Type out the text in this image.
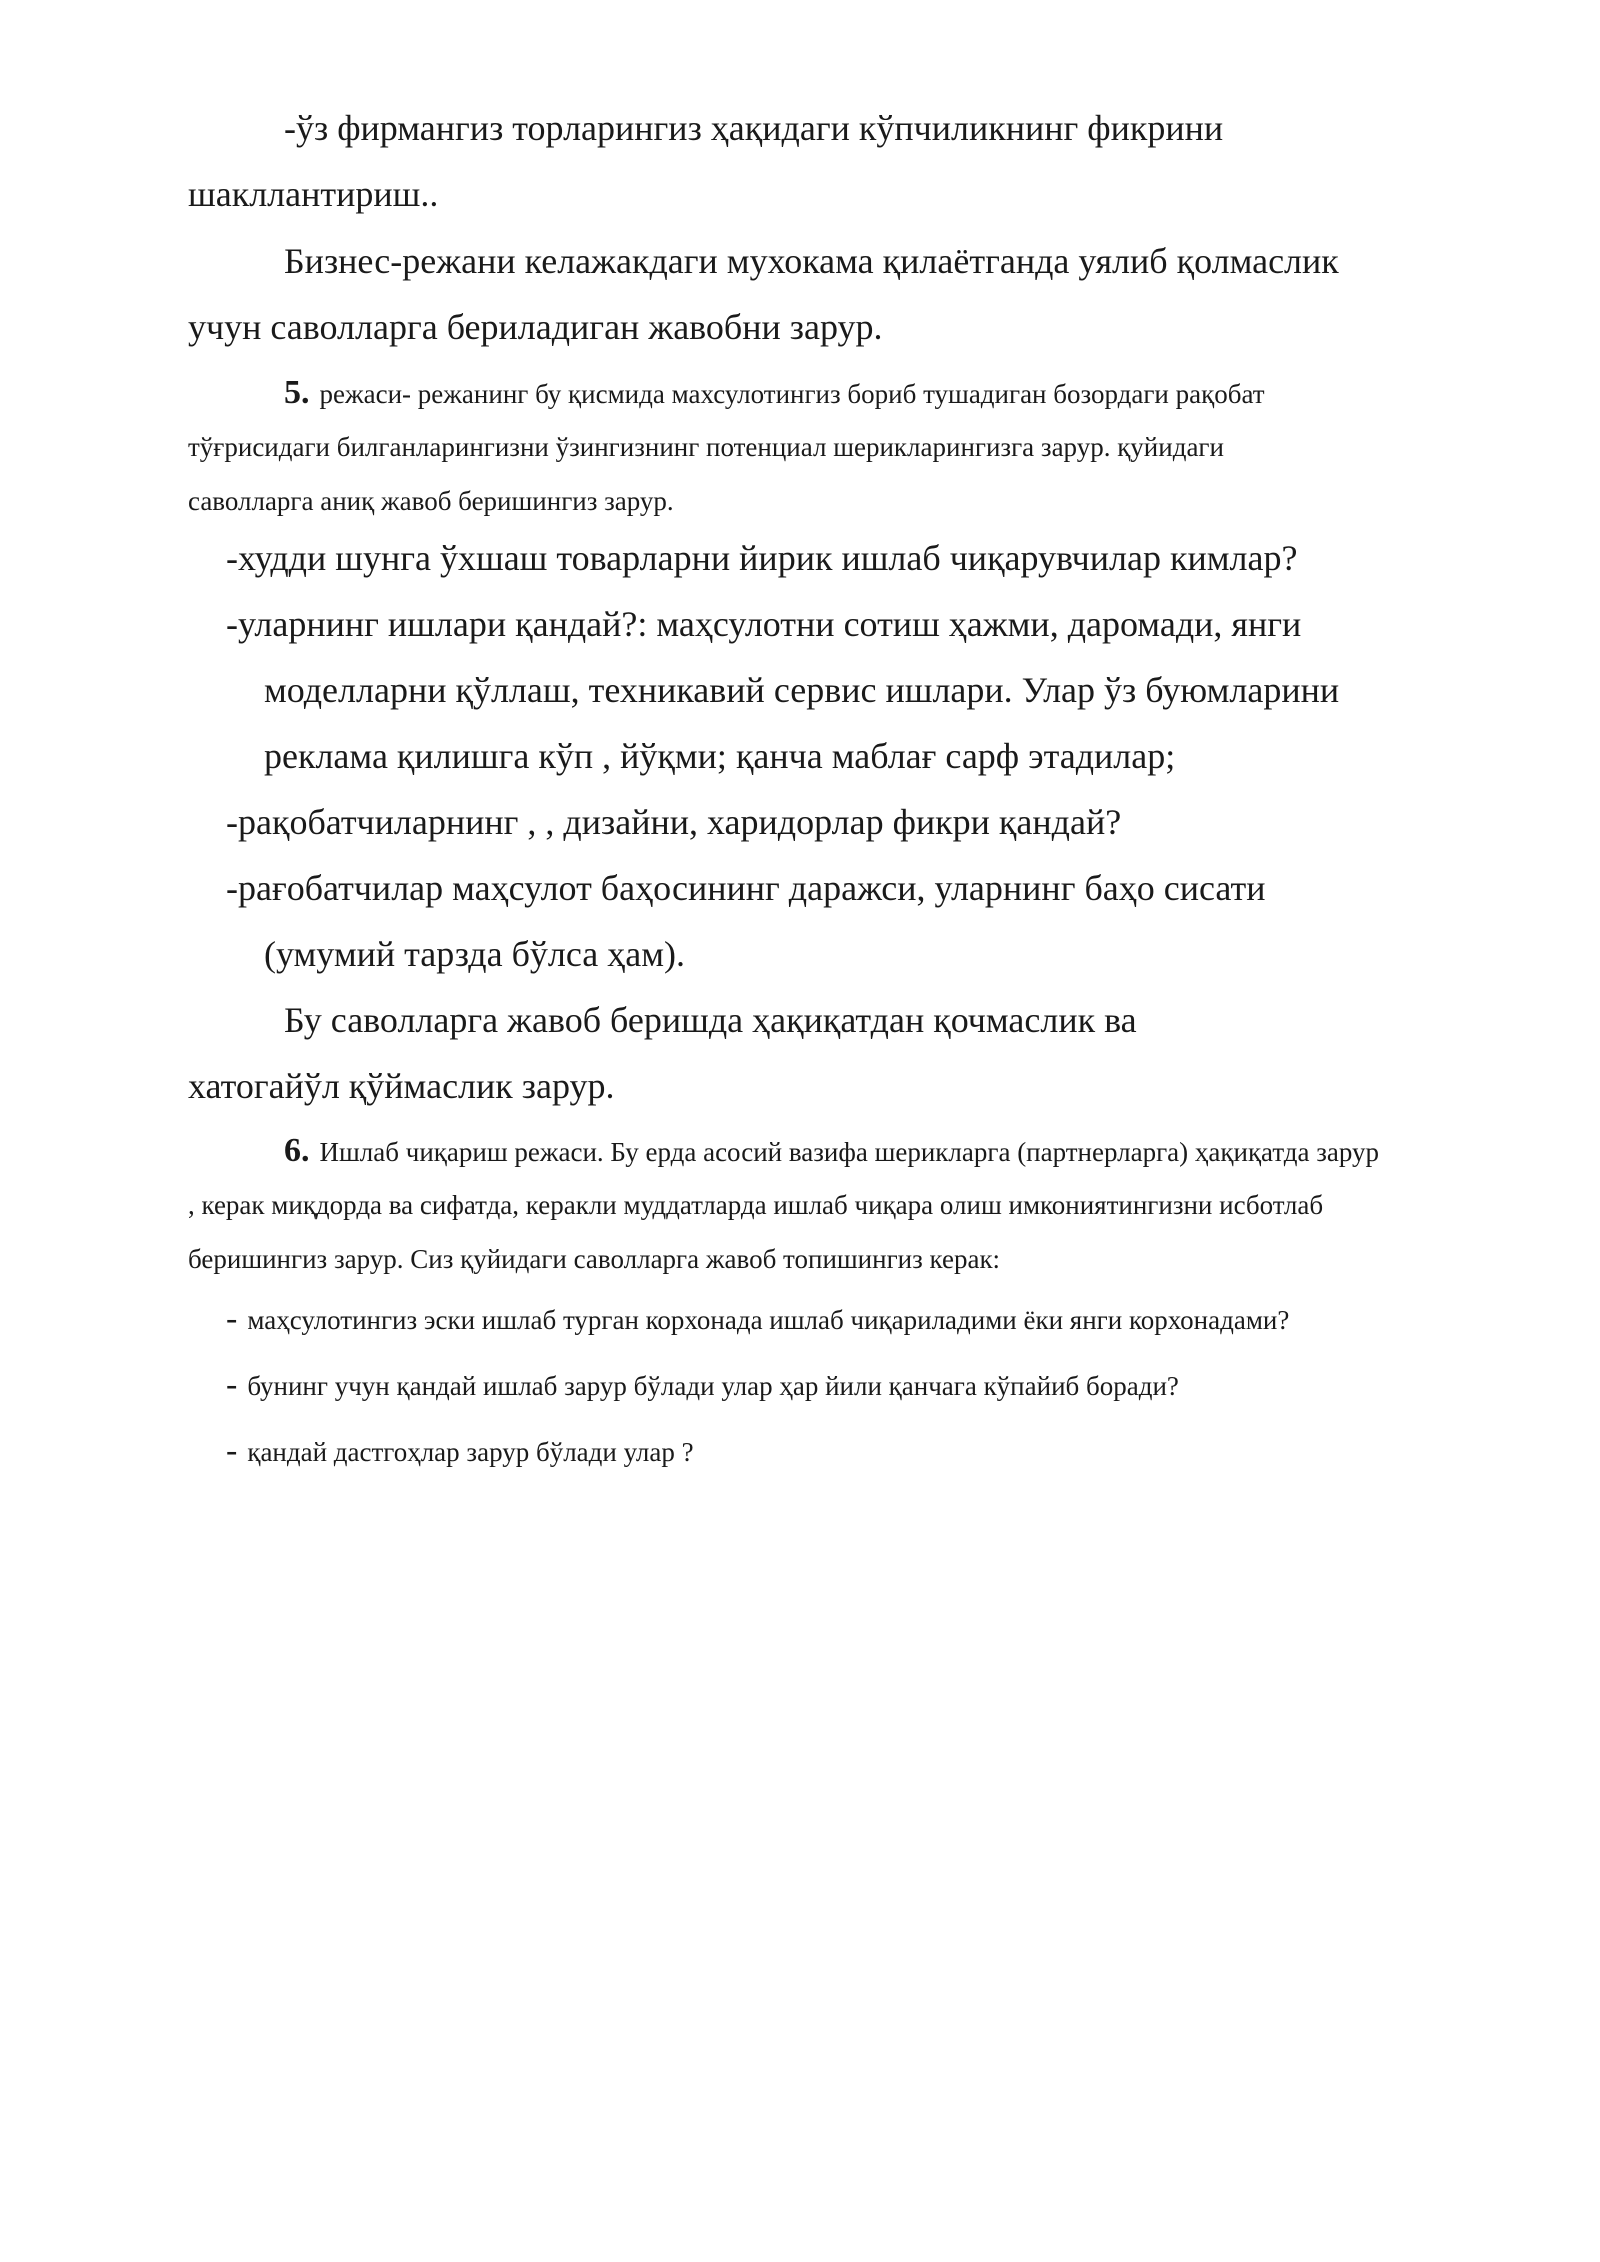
-ўз фирмангиз торларингиз ҳақидаги кўпчиликнинг фикрини
шакллантириш..
Бизнес-режани келажакдаги мухокама қилаётганда уялиб қолмаслик
учун саволларга бериладиган жавобни зарур.
5. режаси- режанинг бу қисмида махсулотингиз бориб тушадиган бозордаги рақобат
тўғрисидаги билганларингизни ўзингизнинг потенциал шерикларингизга зарур. қуйидаги
саволларга аниқ жавоб беришингиз зарур.
-худди шунга ўхшаш товарларни йирик ишлаб чиқарувчилар кимлар?
-уларнинг ишлари қандай?: маҳсулотни сотиш ҳажми, даромади, янги
моделларни қўллаш, техникавий сервис ишлари. Улар ўз буюмларини
реклама қилишга кўп , йўқми; қанча маблағ сарф этадилар;
-рақобатчиларнинг , , дизайни, харидорлар фикри қандай?
-рағобатчилар маҳсулот баҳосининг даражси, уларнинг баҳо сисати
(умумий тарзда бўлса ҳам).
Бу саволларга жавоб беришда ҳақиқатдан қочмаслик ва
хатогайўл қўймаслик зарур.
6. Ишлаб чиқариш режаси. Бу ерда асосий вазифа шерикларга (партнерларга) ҳақиқатда зарур
, керак миқдорда ва сифатда, керакли муддатларда ишлаб чиқара олиш имкониятингизни исботлаб
беришингиз зарур. Сиз қуйидаги саволларга жавоб топишингиз керак:
- маҳсулотингиз эски ишлаб турган корхонада ишлаб чиқариладими ёки янги корхонадами?
- бунинг учун қандай ишлаб зарур бўлади улар ҳар йили қанчага кўпайиб боради?
- қандай дастгоҳлар зарур бўлади улар ?
